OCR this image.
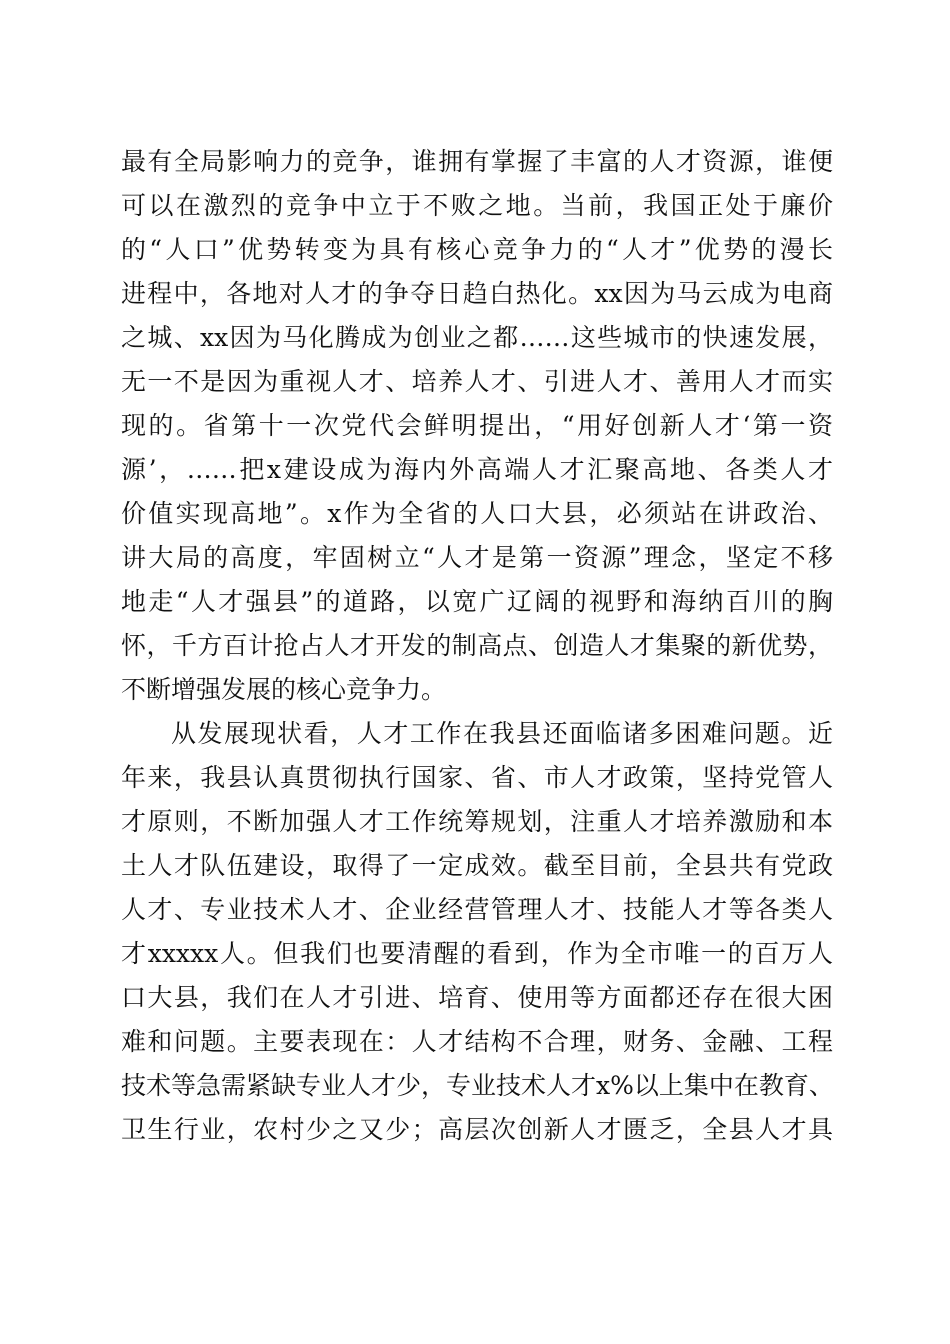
最有全局影响力的竞争，谁拥有掌握了丰富的人才资源，谁便
可以在激烈的竞争中立于不败之地。当前，我国正处于廉价
的“人口”优势转变为具有核心竞争力的“人才”优势的漫长
进程中，各地对人才的争夺日趋白热化。xx因为马云成为电商
之城、xx因为马化腾成为创业之都……这些城市的快速发展，
无一不是因为重视人才、培养人才、引进人才、善用人才而实
现的。省第十一次党代会鲜明提出，“用好创新人才‘第一资
源’，……把x建设成为海内外高端人才汇聚高地、各类人才
价值实现高地”。x作为全省的人口大县，必须站在讲政治、
讲大局的高度，牢固树立“人才是第一资源”理念，坚定不移
地走“人才强县”的道路，以宽广辽阔的视野和海纳百川的胸
怀，千方百计抢占人才开发的制高点、创造人才集聚的新优势，
不断增强发展的核心竞争力。
从发展现状看，人才工作在我县还面临诸多困难问题。近
年来，我县认真贯彻执行国家、省、市人才政策，坚持党管人
才原则，不断加强人才工作统筹规划，注重人才培养激励和本
土人才队伍建设，取得了一定成效。截至目前，全县共有党政
人才、专业技术人才、企业经营管理人才、技能人才等各类人
才xxxxx人。但我们也要清醒的看到，作为全市唯一的百万人
口大县，我们在人才引进、培育、使用等方面都还存在很大困
难和问题。主要表现在：人才结构不合理，财务、金融、工程
技术等急需紧缺专业人才少，专业技术人才x%以上集中在教育、
卫生行业，农村少之又少；高层次创新人才匮乏，全县人才具
